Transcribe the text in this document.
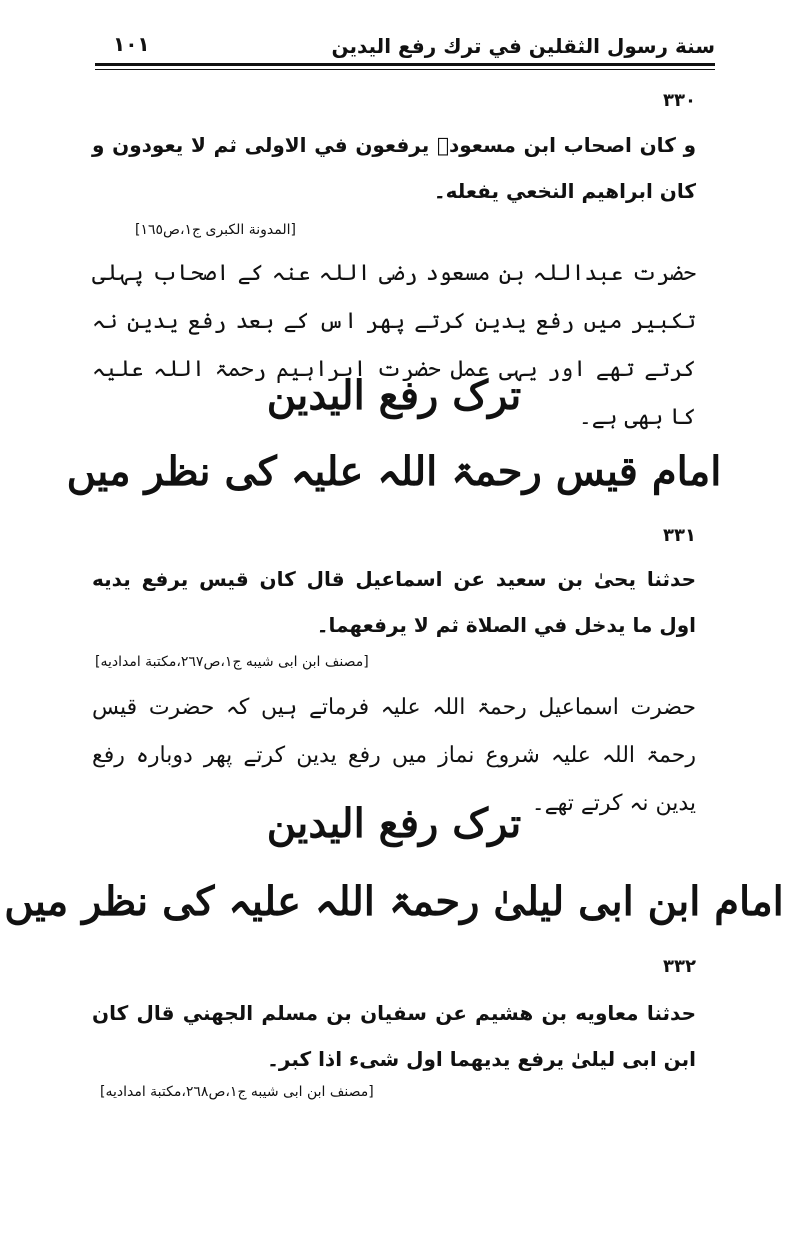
سنة رسول الثقلين في ترك رفع اليدين
١٠١
٣٣٠
و كان اصحاب ابن مسعودؓ يرفعون في الاولى ثم لا يعودون و كان ابراهيم النخعي يفعله۔
[المدونة الكبرى ج١،ص١٦٥]
حضرت عبداللہ بن مسعود رضی اللہ عنہ کے اصحاب پہلی تکبیر میں رفع یدین کرتے پھر اس کے بعد رفع یدین نہ کرتے تھے اور یہی عمل حضرت ابراہیم رحمۃ اللہ علیہ کا بھی ہے۔
ترک رفع الیدین
امام قیس رحمۃ اللہ علیہ کی نظر میں
٣٣١
حدثنا يحیٰ بن سعيد عن اسماعيل قال كان قيس يرفع يديه اول ما يدخل في الصلاة ثم لا يرفعهما۔
[مصنف ابن ابی شیبه ج١،ص٢٦٧،مكتبة امدادیه]
حضرت اسماعیل رحمۃ اللہ علیہ فرماتے ہیں کہ حضرت قیس رحمۃ اللہ علیہ شروع نماز میں رفع یدین کرتے پھر دوبارہ رفع یدین نہ کرتے تھے۔
ترک رفع الیدین
امام ابن ابی لیلیٰ رحمۃ اللہ علیہ کی نظر میں
٣٣٢
حدثنا معاويه بن هشيم عن سفيان بن مسلم الجهني قال كان ابن ابی ليلیٰ يرفع يديهما اول شیء اذا كبر۔
[مصنف ابن ابی شیبه ج١،ص٢٦٨،مكتبة امدادیه]
